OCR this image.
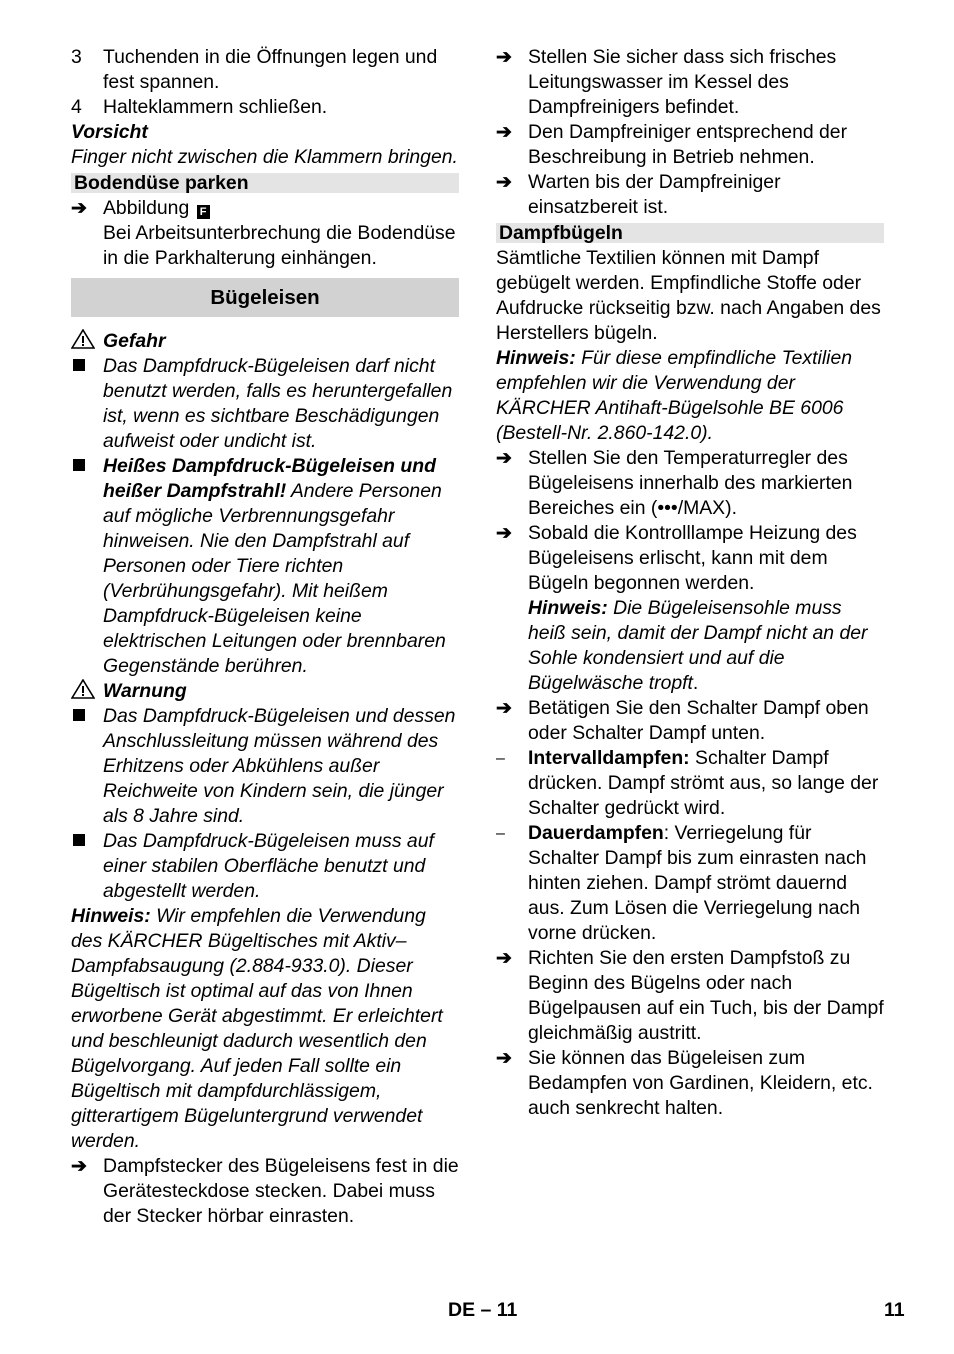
3	Tuchenden in die Öffnungen legen und fest spannen.
4	Halteklammern schließen.

Vorsicht

Finger nicht zwischen die Klammern bringen.

Bodendüse parken
➔ Abbildung F
Bei Arbeitsunterbrechung die Bodendüse in die Parkhalterung einhängen.
Bügeleisen
Gefahr
Das Dampfdruck-Bügeleisen darf nicht benutzt werden, falls es heruntergefallen ist, wenn es sichtbare Beschädigungen aufweist oder undicht ist.
Heißes Dampfdruck-Bügeleisen und heißer Dampfstrahl! Andere Personen auf mögliche Verbrennungsgefahr hinweisen. Nie den Dampfstrahl auf Personen oder Tiere richten (Verbrühungsgefahr). Mit heißem Dampfdruck-Bügeleisen keine elektrischen Leitungen oder brennbaren Gegenstände berühren.
Warnung
Das Dampfdruck-Bügeleisen und dessen Anschlussleitung müssen während des Erhitzens oder Abkühlens außer Reichweite von Kindern sein, die jünger als 8 Jahre sind.
Das Dampfdruck-Bügeleisen muss auf einer stabilen Oberfläche benutzt und abgestellt werden.

Hinweis: Wir empfehlen die Verwendung des KÄRCHER Bügeltisches mit Aktiv–Dampfabsaugung (2.884-933.0). Dieser Bügeltisch ist optimal auf das von Ihnen erworbene Gerät abgestimmt. Er erleichtert und beschleunigt dadurch wesentlich den Bügelvorgang. Auf jeden Fall sollte ein Bügeltisch mit dampfdurchlässigem, gitterartigem Bügeluntergrund verwendet werden.

➔ Dampfstecker des Bügeleisens fest in die Gerätesteckdose stecken. Dabei muss der Stecker hörbar einrasten.
➔ Stellen Sie sicher dass sich frisches Leitungswasser im Kessel des Dampfreinigers befindet.
➔ Den Dampfreiniger entsprechend der Beschreibung in Betrieb nehmen.
➔ Warten bis der Dampfreiniger einsatzbereit ist.
Dampfbügeln

Sämtliche Textilien können mit Dampf gebügelt werden. Empfindliche Stoffe oder Aufdrucke rückseitig bzw. nach Angaben des Herstellers bügeln.

Hinweis: Für diese empfindliche Textilien empfehlen wir die Verwendung der KÄRCHER Antihaft-Bügelsohle BE 6006 (Bestell-Nr. 2.860-142.0).

➔ Stellen Sie den Temperaturregler des Bügeleisens innerhalb des markierten Bereiches ein (•••/MAX).
➔ Sobald die Kontrolllampe Heizung des Bügeleisens erlischt, kann mit dem Bügeln begonnen werden.
Hinweis: Die Bügeleisensohle muss heiß sein, damit der Dampf nicht an der Sohle kondensiert und auf die Bügelwäsche tropft.
➔ Betätigen Sie den Schalter Dampf oben oder Schalter Dampf unten.
–	Intervalldampfen: Schalter Dampf drücken. Dampf strömt aus, so lange der Schalter gedrückt wird.
–	Dauerdampfen: Verriegelung für Schalter Dampf bis zum einrasten nach hinten ziehen. Dampf strömt dauernd aus. Zum Lösen die Verriegelung nach vorne drücken.
➔ Richten Sie den ersten Dampfstoß zu Beginn des Bügelns oder nach Bügelpausen auf ein Tuch, bis der Dampf gleichmäßig austritt.
➔ Sie können das Bügeleisen zum Bedampfen von Gardinen, Kleidern, etc. auch senkrecht halten.
DE – 11	11
